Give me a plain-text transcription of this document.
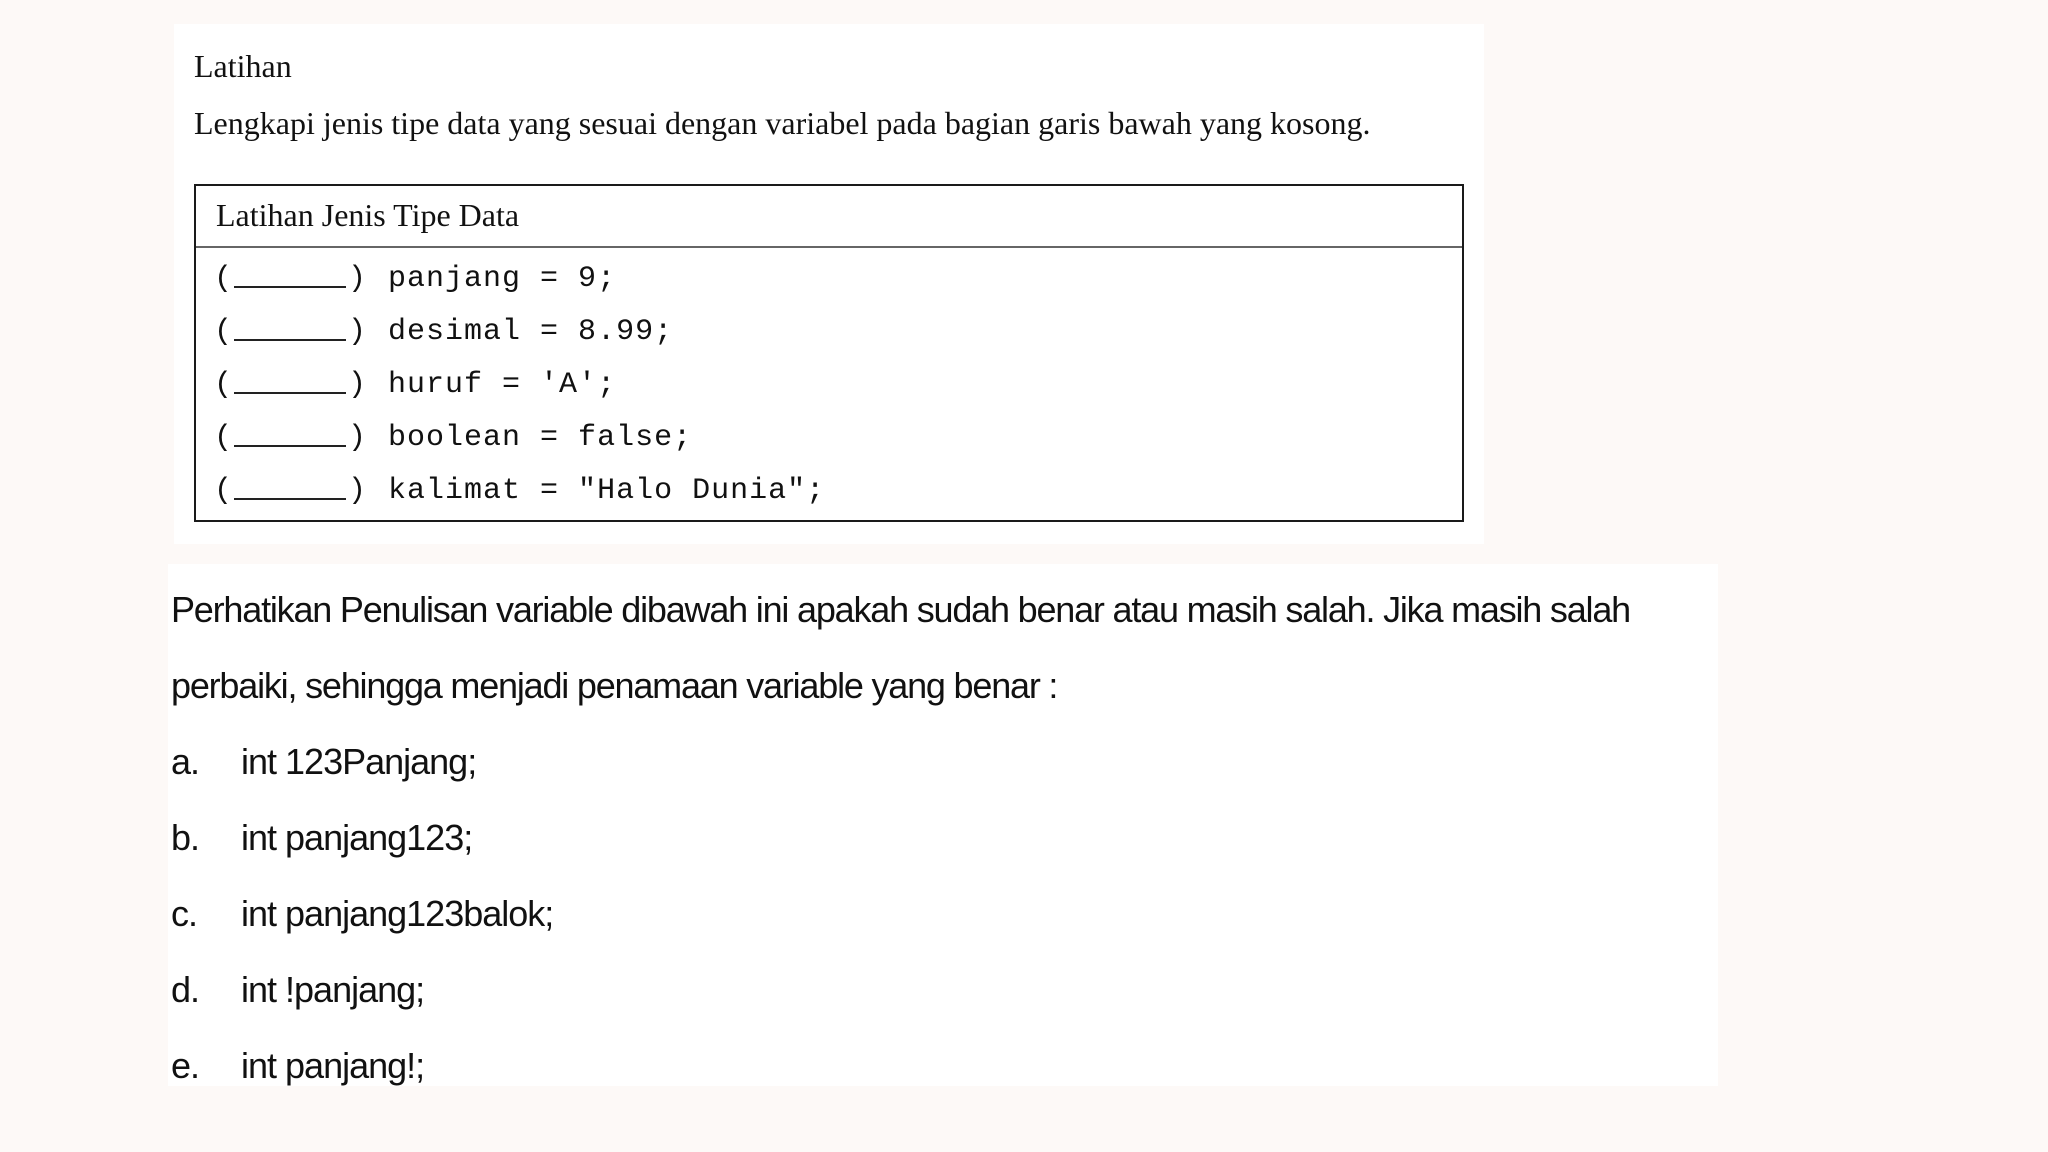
Latihan

Lengkapi jenis tipe data yang sesuai dengan variabel pada bagian garis bawah yang kosong.

Latihan Jenis Tipe Data
(	) panjang = 9;
(	) desimal = 8.99;
(	) huruf = 'A';
(	) boolean = false;
(	) kalimat = "Halo Dunia";

Perhatikan Penulisan variable dibawah ini apakah sudah benar atau masih salah. Jika masih salah perbaiki, sehingga menjadi penamaan variable yang benar :

a. int 123Panjang;
b. int panjang123;
c. int panjang123balok;
d. int !panjang;
e. int panjang!;
